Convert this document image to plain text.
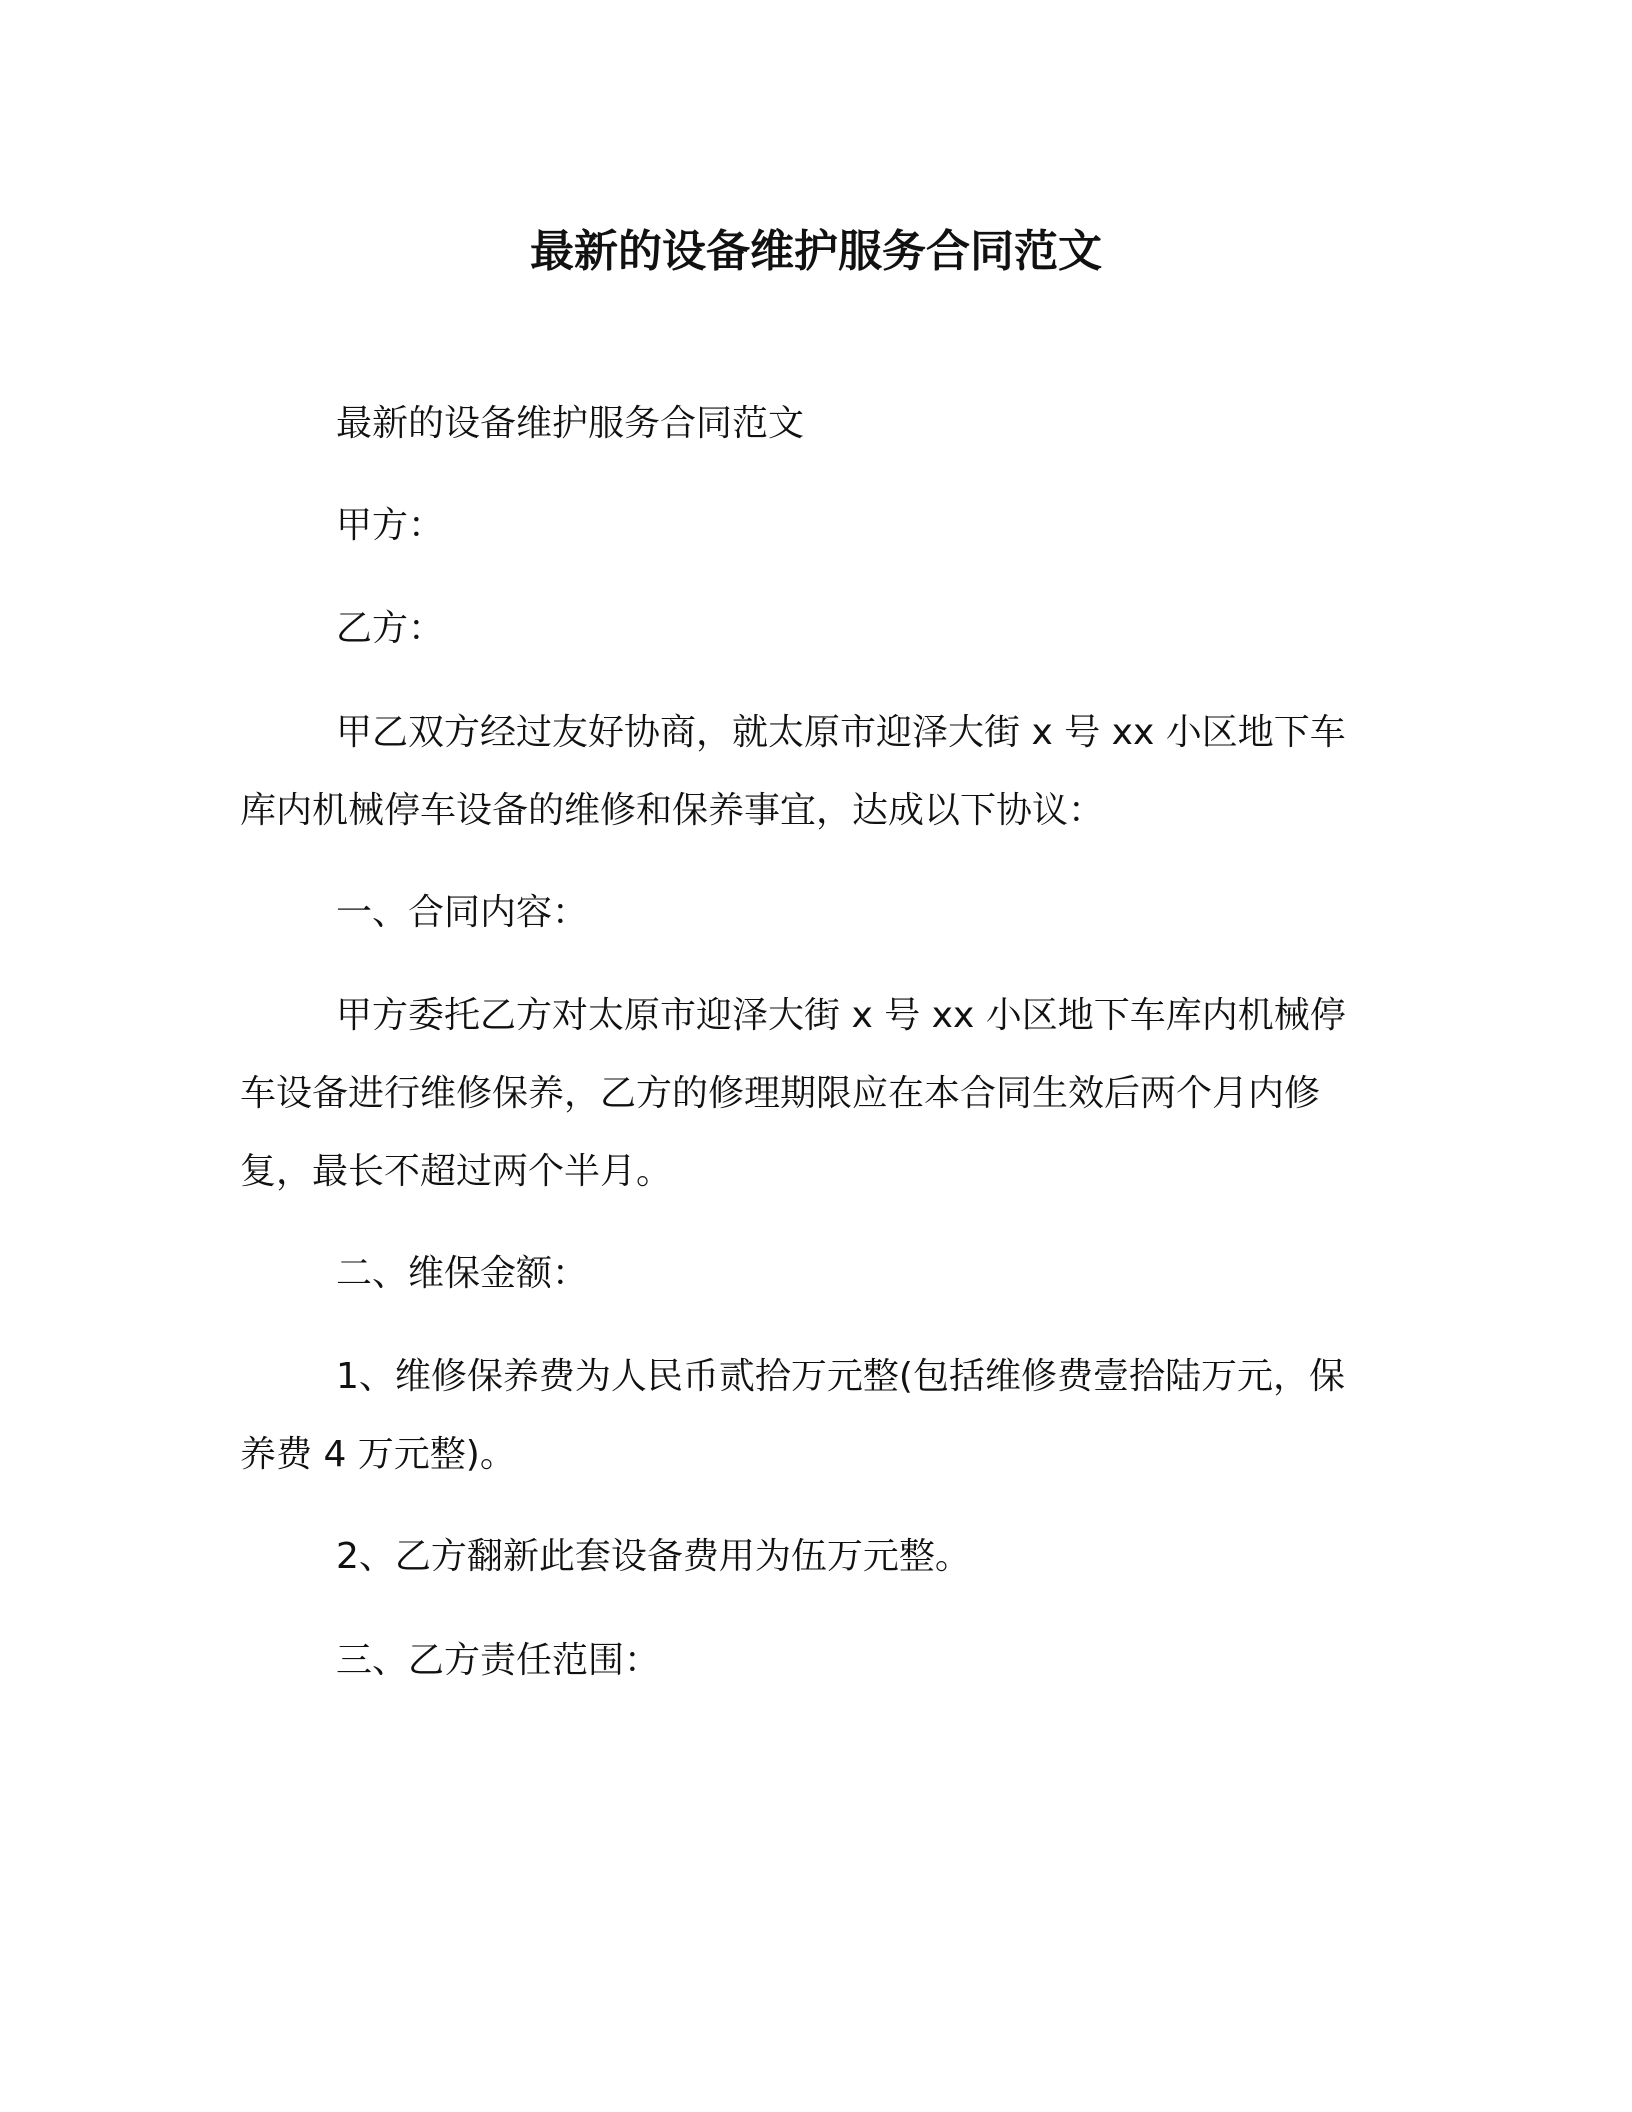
最新的设备维护服务合同范文

最新的设备维护服务合同范文

甲方：

乙方：

甲乙双方经过友好协商，就太原市迎泽大街 x 号 xx 小区地下车库内机械停车设备的维修和保养事宜，达成以下协议：

一、合同内容：

甲方委托乙方对太原市迎泽大街 x 号 xx 小区地下车库内机械停车设备进行维修保养，乙方的修理期限应在本合同生效后两个月内修复，最长不超过两个半月。

二、维保金额：

1、维修保养费为人民币贰拾万元整(包括维修费壹拾陆万元，保养费 4 万元整)。

2、乙方翻新此套设备费用为伍万元整。

三、乙方责任范围：
